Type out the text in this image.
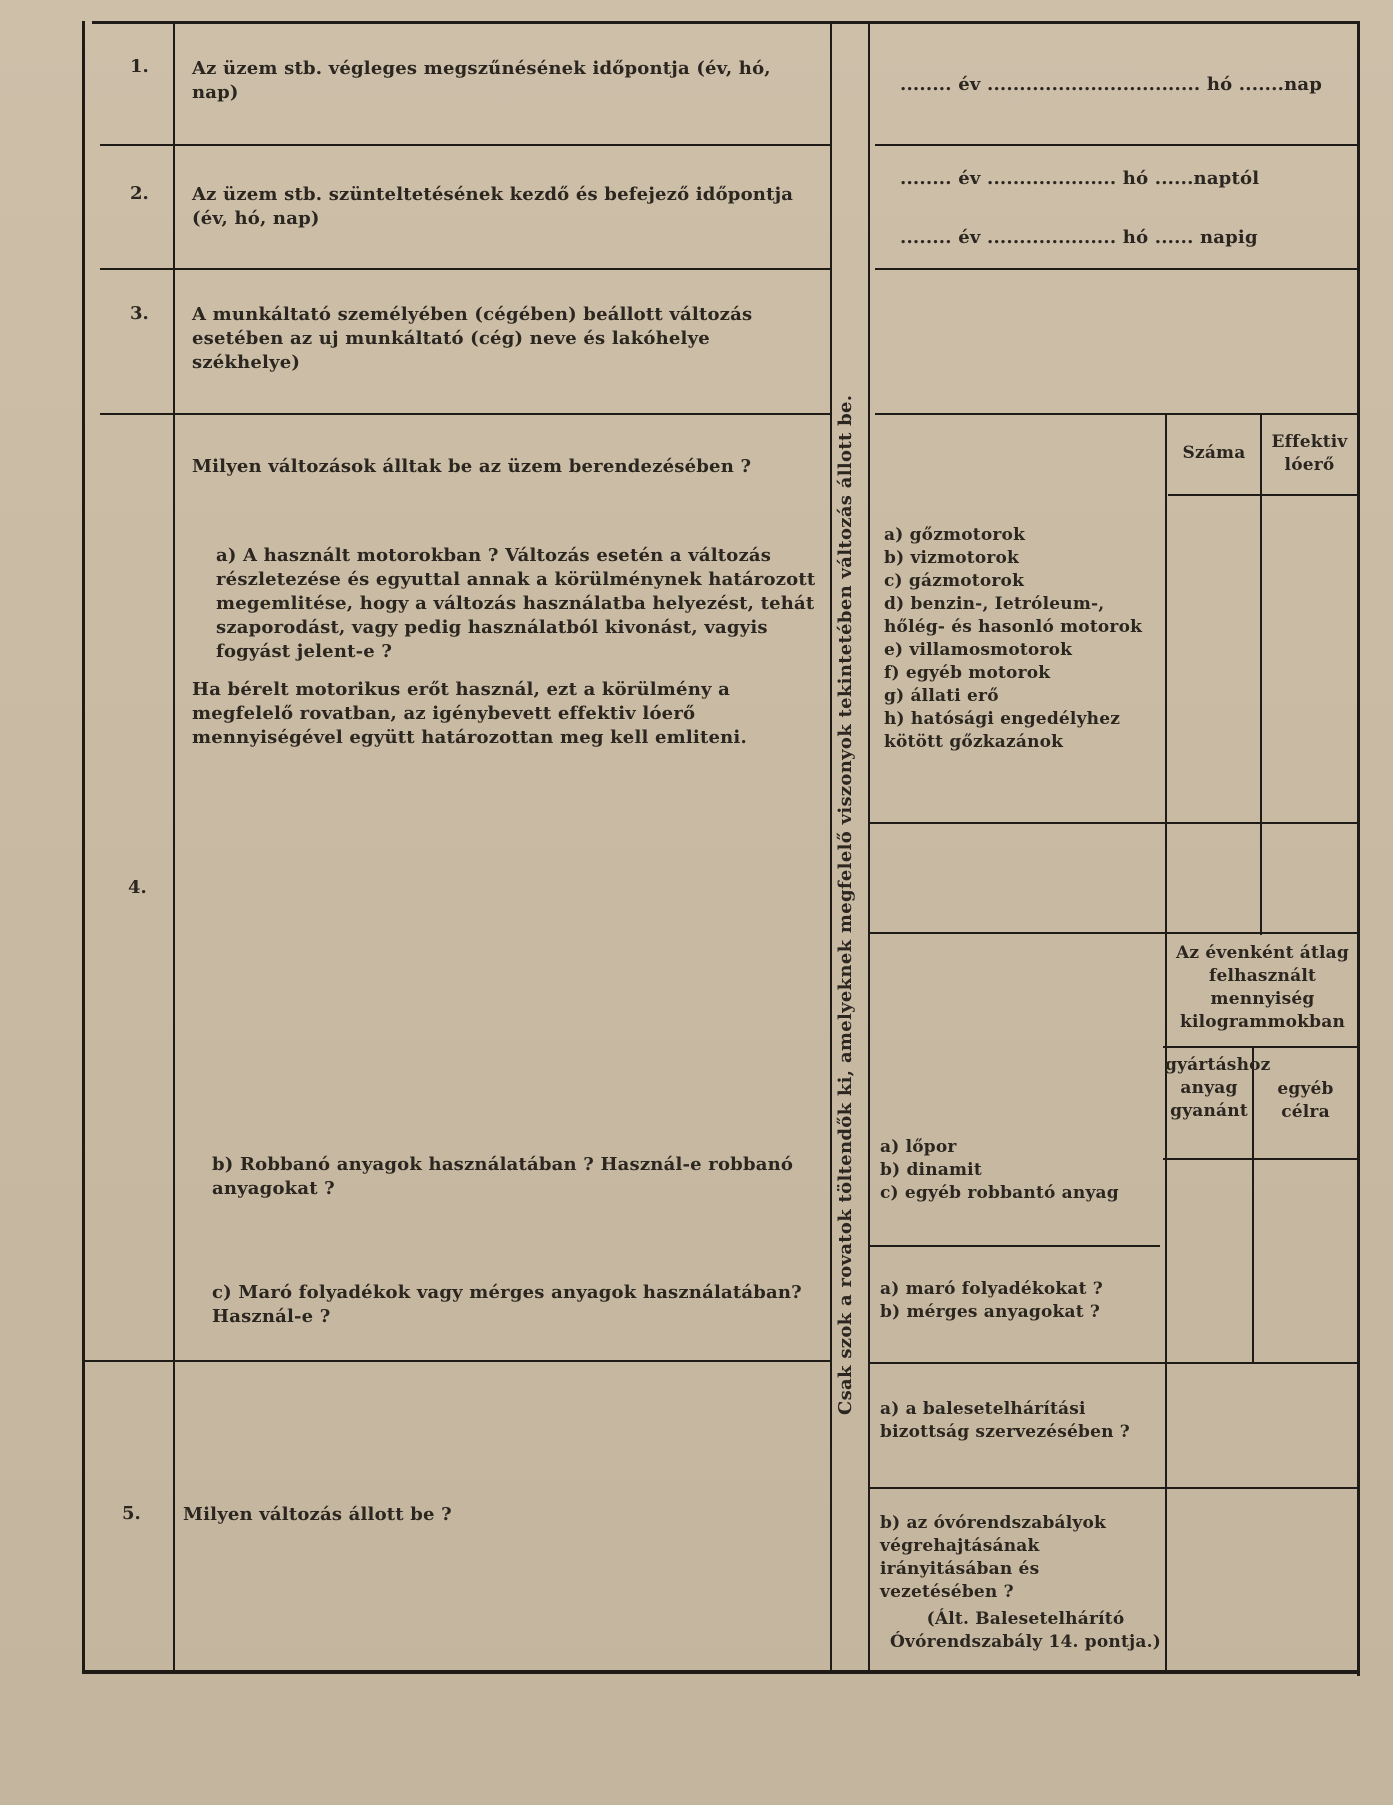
1. Az üzem stb. végleges megszűnésének időpontja (év, hó, nap)	........ év ................................. hó .......nap
2. Az üzem stb. szünteltetésének kezdő és befejező időpontja (év, hó, nap)
........ év .................... hó ......naptól
........ év .................... hó ...... napig
3. A munkáltató személyében (cégében) beállott változás esetében az uj munkáltató (cég) neve és lakóhelye székhelye)
4.
Milyen változások álltak be az üzem berendezésében ?
a) A használt motorokban ? Változás esetén a változás részletezése és egyuttal annak a körülménynek határozott megemlitése, hogy a változás használatba helyezést, tehát szaporodást, vagy pedig használatból kivonást, vagyis fogyást jelent-e ?
Ha bérelt motorikus erőt használ, ezt a körülmény a megfelelő rovatban, az igénybevett effektiv lóerő mennyiségével együtt határozottan meg kell emliteni.
b) Robbanó anyagok használatában ? Használ-e robbanó anyagokat ?
c) Maró folyadékok vagy mérges anyagok használatában? Használ-e ?
Száma
Effektiv lóerő
a) gőzmotorok
b) vizmotorok
c) gázmotorok
d) benzin-, Ietróleum-, hőlég- és hasonló motorok
e) villamosmotorok
f) egyéb motorok
g) állati erő
h) hatósági engedélyhez kötött gőzkazánok
Az évenként átlag felhasznált mennyiség kilogrammokban
gyártáshoz anyag gyanánt
egyéb célra
a) lőpor
b) dinamit
c) egyéb robbantó anyag
a) maró folyadékokat ?
b) mérges anyagokat ?
5. Milyen változás állott be ?
a) a balesetelhárítási bizottság szervezésében ?
b) az óvórendszabályok végrehajtásának irányitásában és vezetésében ?
(Ált. Balesetelhárító Óvórendszabály 14. pontja.)
Csak szok a rovatok töltendők ki, amelyeknek megfelelő viszonyok tekintetében változás állott be.
